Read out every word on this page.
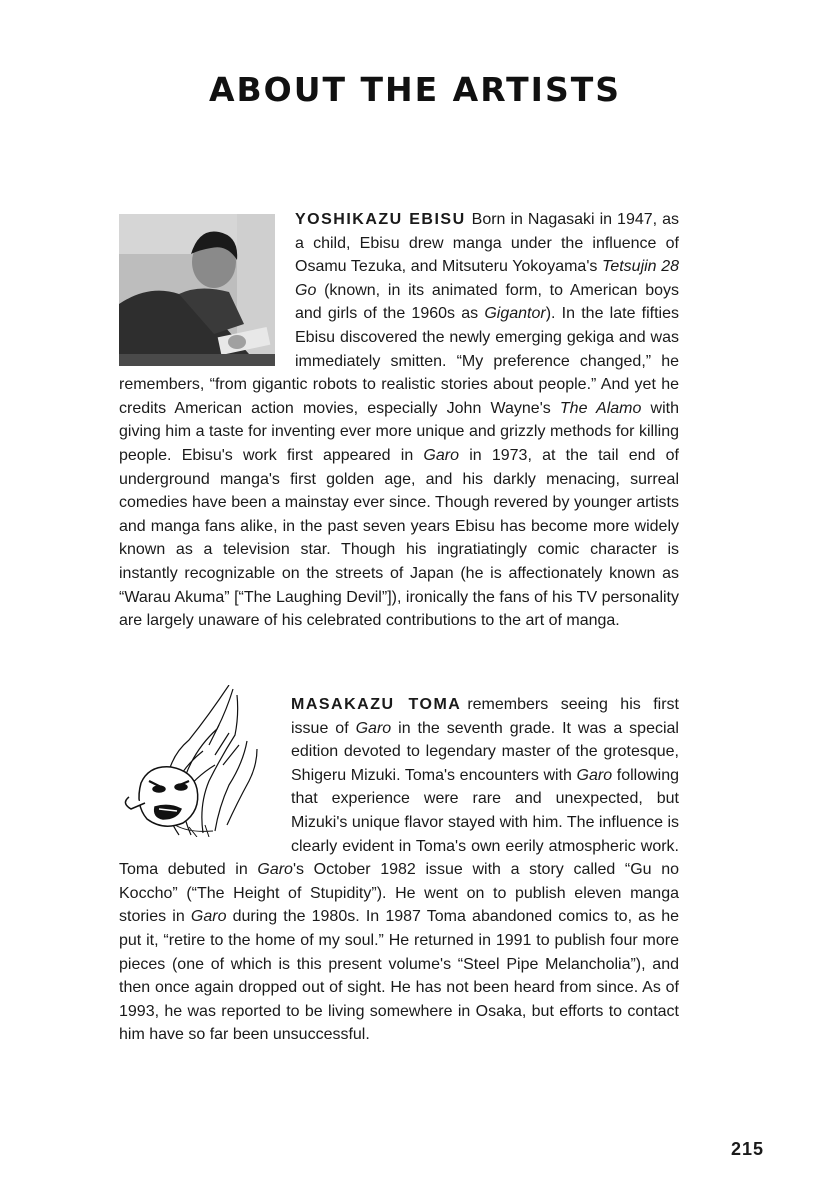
ABOUT THE ARTISTS

YOSHIKAZU EBISU Born in Nagasaki in 1947, as a child, Ebisu drew manga under the influence of Osamu Tezuka, and Mitsuteru Yokoyama's Tetsujin 28 Go (known, in its animated form, to American boys and girls of the 1960s as Gigantor). In the late fifties Ebisu discovered the newly emerging gekiga and was immediately smitten. “My preference changed,” he remembers, “from gigantic robots to realistic stories about people.” And yet he credits American action movies, especially John Wayne's The Alamo with giving him a taste for inventing ever more unique and grizzly methods for killing people. Ebisu's work first appeared in Garo in 1973, at the tail end of underground manga's first golden age, and his darkly menacing, surreal comedies have been a mainstay ever since. Though revered by younger artists and manga fans alike, in the past seven years Ebisu has become more widely known as a television star. Though his ingratiatingly comic character is instantly recognizable on the streets of Japan (he is affectionately known as “Warau Akuma” [“The Laughing Devil”]), ironically the fans of his TV personality are largely unaware of his celebrated contributions to the art of manga.

MASAKAZU TOMA remembers seeing his first issue of Garo in the seventh grade. It was a special edition devoted to legendary master of the grotesque, Shigeru Mizuki. Toma's encounters with Garo following that experience were rare and unexpected, but Mizuki's unique flavor stayed with him. The influence is clearly evident in Toma's own eerily atmospheric work. Toma debuted in Garo's October 1982 issue with a story called “Gu no Koccho” (“The Height of Stupidity”). He went on to publish eleven manga stories in Garo during the 1980s. In 1987 Toma abandoned comics to, as he put it, “retire to the home of my soul.” He returned in 1991 to publish four more pieces (one of which is this present volume's “Steel Pipe Melancholia”), and then once again dropped out of sight. He has not been heard from since. As of 1993, he was reported to be living somewhere in Osaka, but efforts to contact him have so far been unsuccessful.

215
